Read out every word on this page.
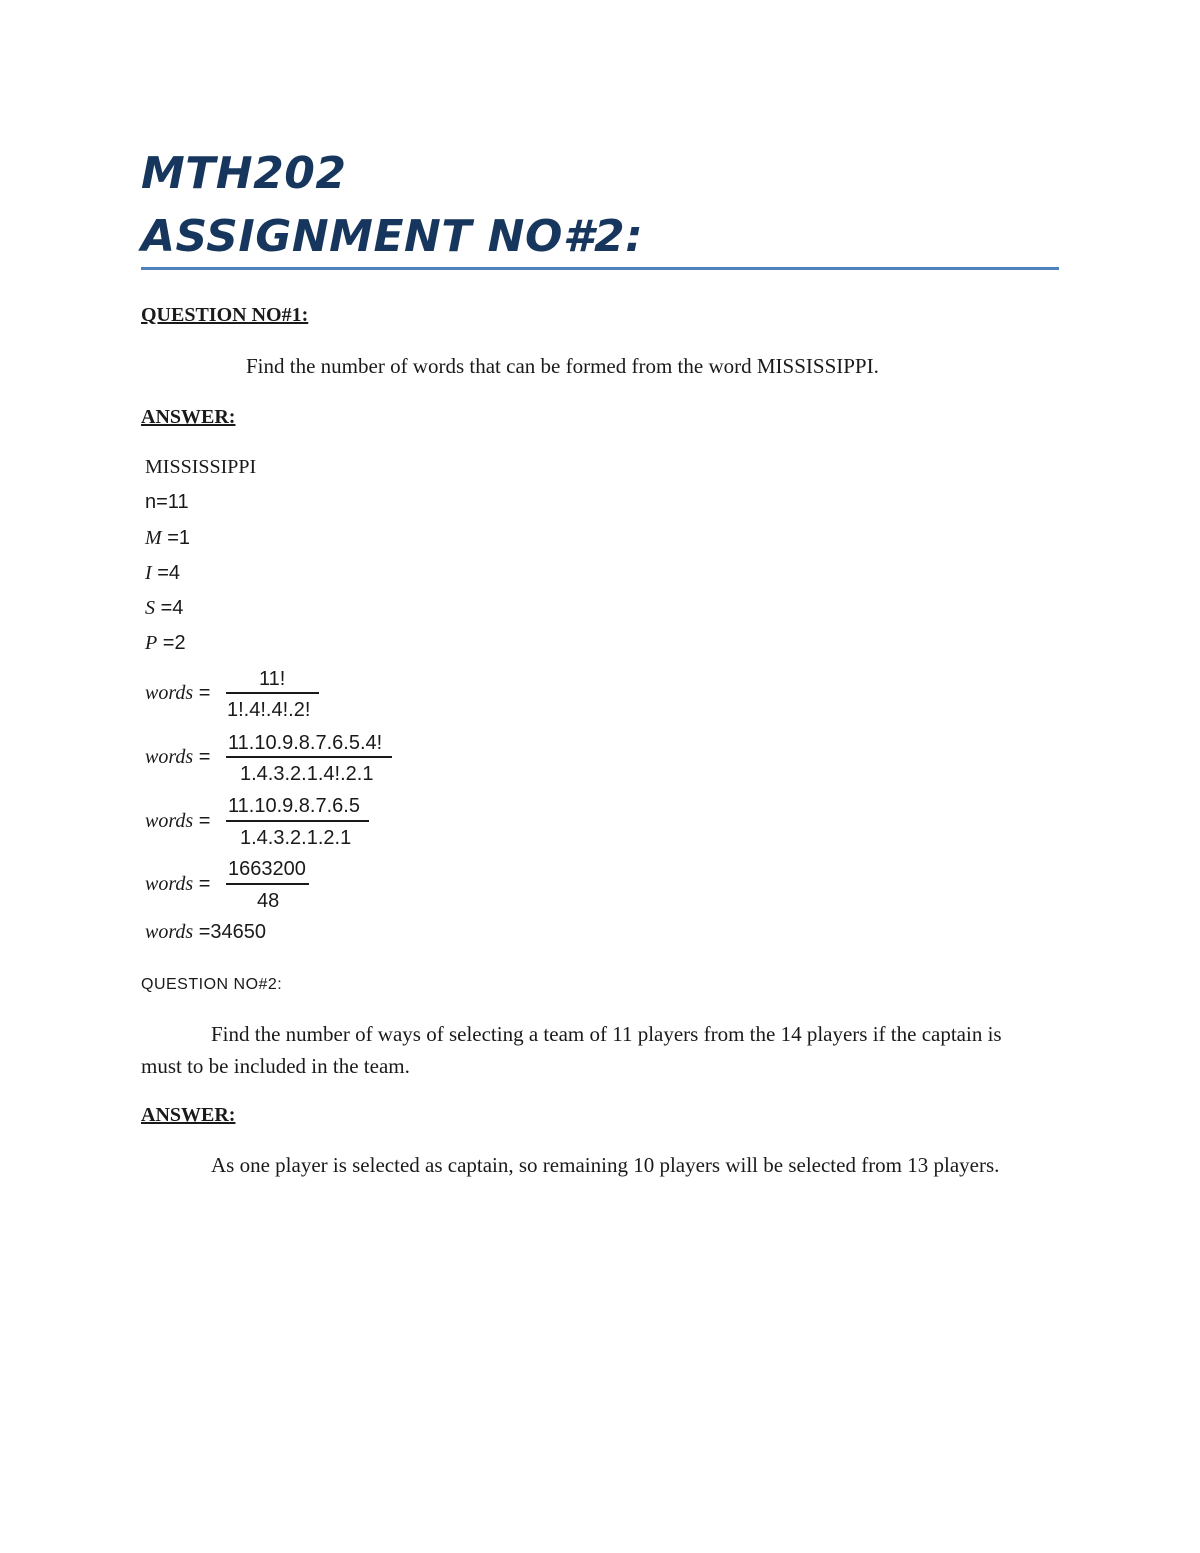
MTH202
ASSIGNMENT NO#2:
QUESTION NO#1:
Find the number of words that can be formed from the word MISSISSIPPI.
ANSWER:
MISSISSIPPI
n=11
M =1
I =4
S =4
P =2
words =
11!
1!.4!.4!.2!
words =
11.10.9.8.7.6.5.4!
1.4.3.2.1.4!.2.1
words =
11.10.9.8.7.6.5
1.4.3.2.1.2.1
words =
1663200
48
words =34650
QUESTION NO#2:
Find the number of ways of selecting a team of 11 players from the 14 players if the captain is must to be included in the team.
ANSWER:
As one player is selected as captain, so remaining 10 players will be selected from 13 players.
